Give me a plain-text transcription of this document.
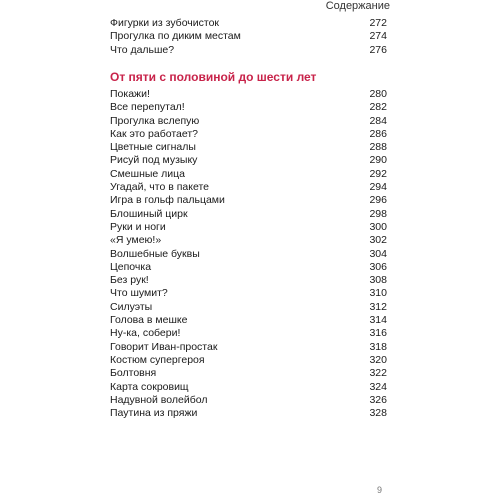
Содержание
Фигурки из зубочисток	272
Прогулка по диким местам	274
Что дальше?	276
От пяти с половиной до шести лет
Покажи!	280
Все перепутал!	282
Прогулка вслепую	284
Как это работает?	286
Цветные сигналы	288
Рисуй под музыку	290
Смешные лица	292
Угадай, что в пакете	294
Игра в гольф пальцами	296
Блошиный цирк	298
Руки и ноги	300
«Я умею!»	302
Волшебные буквы	304
Цепочка	306
Без рук!	308
Что шумит?	310
Силуэты	312
Голова в мешке	314
Ну-ка, собери!	316
Говорит Иван-простак	318
Костюм супергероя	320
Болтовня	322
Карта сокровищ	324
Надувной волейбол	326
Паутина из пряжи	328
9
